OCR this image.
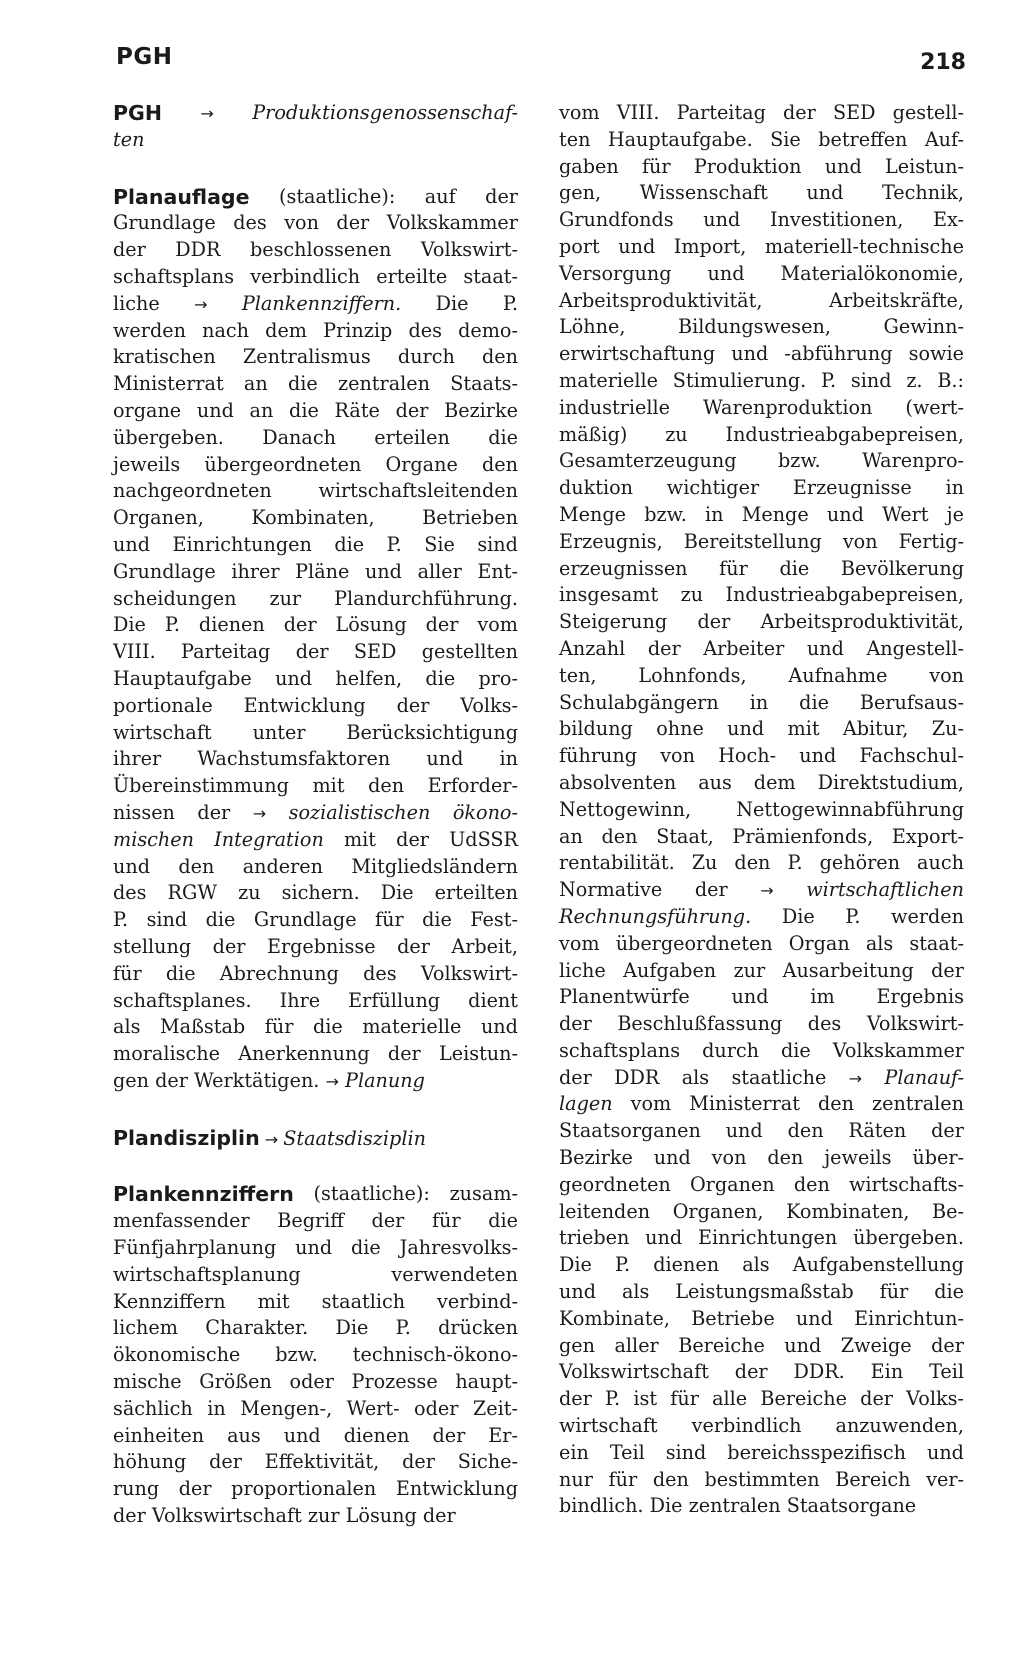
PGH	218
PGH → Produktionsgenossenschaf-
ten
Planauflage (staatliche): auf der
Grundlage des von der Volkskammer
der DDR beschlossenen Volkswirt-
schaftsplans verbindlich erteilte staat-
liche → Plankennziffern. Die P.
werden nach dem Prinzip des demo-
kratischen Zentralismus durch den
Ministerrat an die zentralen Staats-
organe und an die Räte der Bezirke
übergeben. Danach erteilen die
jeweils übergeordneten Organe den
nachgeordneten wirtschaftsleitenden
Organen, Kombinaten, Betrieben
und Einrichtungen die P. Sie sind
Grundlage ihrer Pläne und aller Ent-
scheidungen zur Plandurchführung.
Die P. dienen der Lösung der vom
VIII. Parteitag der SED gestellten
Hauptaufgabe und helfen, die pro-
portionale Entwicklung der Volks-
wirtschaft unter Berücksichtigung
ihrer Wachstumsfaktoren und in
Übereinstimmung mit den Erforder-
nissen der → sozialistischen ökono-
mischen Integration mit der UdSSR
und den anderen Mitgliedsländern
des RGW zu sichern. Die erteilten
P. sind die Grundlage für die Fest-
stellung der Ergebnisse der Arbeit,
für die Abrechnung des Volkswirt-
schaftsplanes. Ihre Erfüllung dient
als Maßstab für die materielle und
moralische Anerkennung der Leistun-
gen der Werktätigen. → Planung
Plandisziplin → Staatsdisziplin
Plankennziffern (staatliche): zusam-
menfassender Begriff der für die
Fünfjahrplanung und die Jahresvolks-
wirtschaftsplanung	verwendeten
Kennziffern mit staatlich verbind-
lichem Charakter. Die P. drücken
ökonomische bzw. technisch-ökono-
mische Größen oder Prozesse haupt-
sächlich in Mengen-, Wert- oder Zeit-
einheiten aus und dienen der Er-
höhung der Effektivität, der Siche-
rung der proportionalen Entwicklung
der Volkswirtschaft zur Lösung der
vom VIII. Parteitag der SED gestell-
ten Hauptaufgabe. Sie betreffen Auf-
gaben für Produktion und Leistun-
gen, Wissenschaft und Technik,
Grundfonds und Investitionen, Ex-
port und Import, materiell-technische
Versorgung und Materialökonomie,
Arbeitsproduktivität,	Arbeitskräfte,
Löhne,	Bildungswesen,	Gewinn-
erwirtschaftung und -abführung sowie
materielle Stimulierung. P. sind z. B.:
industrielle Warenproduktion (wert-
mäßig) zu Industrieabgabepreisen,
Gesamterzeugung bzw. Warenpro-
duktion wichtiger Erzeugnisse in
Menge bzw. in Menge und Wert je
Erzeugnis, Bereitstellung von Fertig-
erzeugnissen für die Bevölkerung
insgesamt zu Industrieabgabepreisen,
Steigerung der Arbeitsproduktivität,
Anzahl der Arbeiter und Angestell-
ten, Lohnfonds, Aufnahme von
Schulabgängern in die Berufsaus-
bildung ohne und mit Abitur, Zu-
führung von Hoch- und Fachschul-
absolventen aus dem Direktstudium,
Nettogewinn, Nettogewinnabführung
an den Staat, Prämienfonds, Export-
rentabilität. Zu den P. gehören auch
Normative der → wirtschaftlichen
Rechnungsführung. Die P. werden
vom übergeordneten Organ als staat-
liche Aufgaben zur Ausarbeitung der
Planentwürfe und im Ergebnis
der Beschlußfassung des Volkswirt-
schaftsplans durch die Volkskammer
der DDR als staatliche → Planauf-
lagen vom Ministerrat den zentralen
Staatsorganen und den Räten der
Bezirke und von den jeweils über-
geordneten Organen den wirtschafts-
leitenden Organen, Kombinaten, Be-
trieben und Einrichtungen übergeben.
Die P. dienen als Aufgabenstellung
und als Leistungsmaßstab für die
Kombinate, Betriebe und Einrichtun-
gen aller Bereiche und Zweige der
Volkswirtschaft der DDR. Ein Teil
der P. ist für alle Bereiche der Volks-
wirtschaft verbindlich anzuwenden,
ein Teil sind bereichsspezifisch und
nur für den bestimmten Bereich ver-
bindlich. Die zentralen Staatsorgane
